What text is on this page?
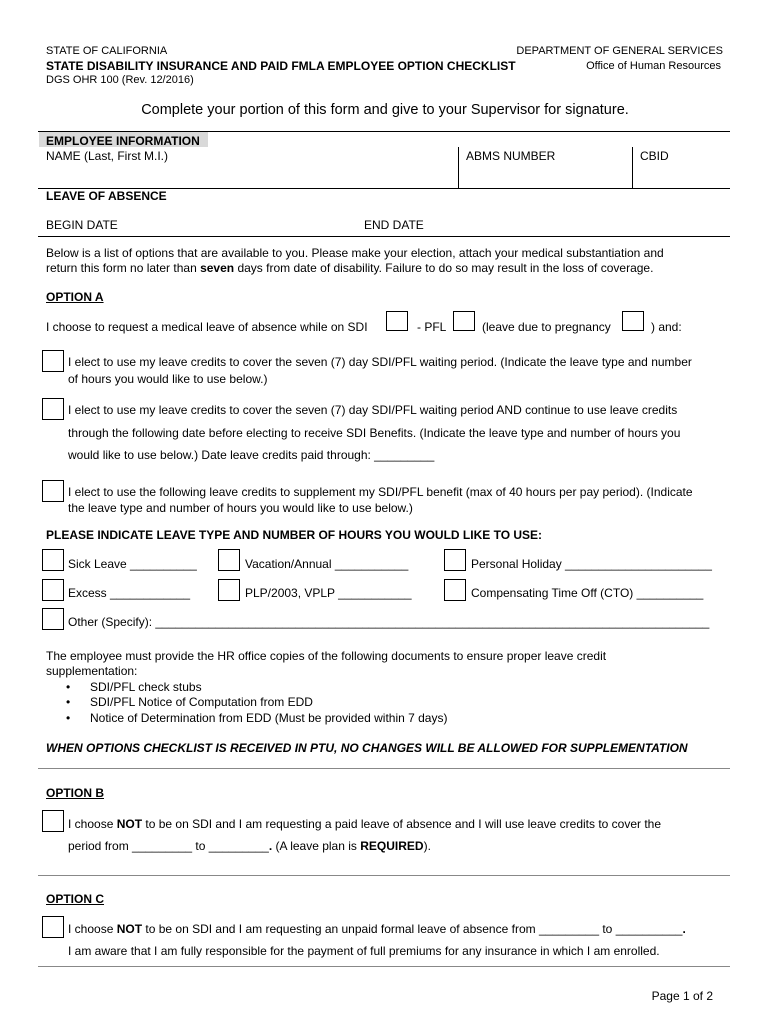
STATE OF CALIFORNIA
STATE DISABILITY INSURANCE AND PAID FMLA EMPLOYEE OPTION CHECKLIST
DGS OHR 100 (Rev. 12/2016)
DEPARTMENT OF GENERAL SERVICES
Office of Human Resources
Complete your portion of this form and give to your Supervisor for signature.
EMPLOYEE INFORMATION
NAME (Last, First M.I.)	ABMS NUMBER	CBID
LEAVE OF ABSENCE
BEGIN DATE	END DATE
Below is a list of options that are available to you. Please make your election, attach your medical substantiation and
return this form no later than seven days from date of disability. Failure to do so may result in the loss of coverage.
OPTION A
I choose to request a medical leave of absence while on SDI	- PFL	(leave due to pregnancy	) and:
I elect to use my leave credits to cover the seven (7) day SDI/PFL waiting period. (Indicate the leave type and number
of hours you would like to use below.)
I elect to use my leave credits to cover the seven (7) day SDI/PFL waiting period AND continue to use leave credits
through the following date before electing to receive SDI Benefits. (Indicate the leave type and number of hours you
would like to use below.) Date leave credits paid through: _________
I elect to use the following leave credits to supplement my SDI/PFL benefit (max of 40 hours per pay period). (Indicate
the leave type and number of hours you would like to use below.)
PLEASE INDICATE LEAVE TYPE AND NUMBER OF HOURS YOU WOULD LIKE TO USE:
Sick Leave __________	Vacation/Annual ___________	Personal Holiday ______________________
Excess ____________	PLP/2003, VPLP ___________	Compensating Time Off (CTO) __________
Other (Specify): ___________________________________________________________________________________
The employee must provide the HR office copies of the following documents to ensure proper leave credit
supplementation:
• SDI/PFL check stubs
• SDI/PFL Notice of Computation from EDD
• Notice of Determination from EDD (Must be provided within 7 days)
WHEN OPTIONS CHECKLIST IS RECEIVED IN PTU, NO CHANGES WILL BE ALLOWED FOR SUPPLEMENTATION
OPTION B
I choose NOT to be on SDI and I am requesting a paid leave of absence and I will use leave credits to cover the
period from _________ to _________. (A leave plan is REQUIRED).
OPTION C
I choose NOT to be on SDI and I am requesting an unpaid formal leave of absence from _________ to __________.
I am aware that I am fully responsible for the payment of full premiums for any insurance in which I am enrolled.
Page 1 of 2
